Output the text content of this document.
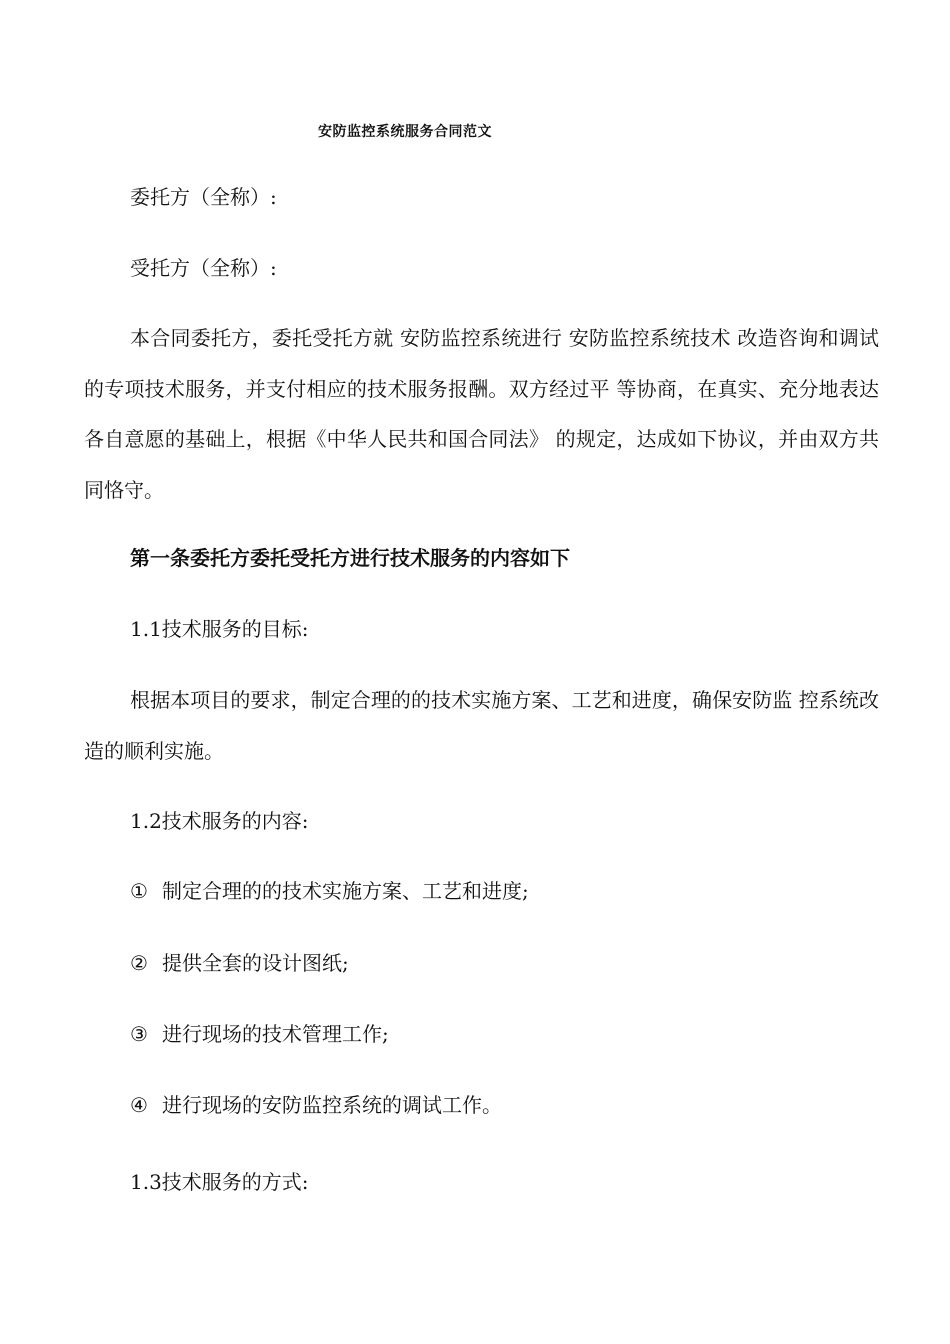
安防监控系统服务合同范文
委托方（全称）:
受托方（全称）:
本合同委托方，委托受托方就 安防监控系统进行 安防监控系统技术 改造咨询和调试 的专项技术服务，并支付相应的技术服务报酬。双方经过平 等协商，在真实、充分地表达各自意愿的基础上，根据《中华人民共和国合同法》 的规定，达成如下协议，并由双方共同恪守。
第一条委托方委托受托方进行技术服务的内容如下
1.1技术服务的目标:
根据本项目的要求，制定合理的的技术实施方案、工艺和进度，确保安防监 控系统改造的顺利实施。
1.2技术服务的内容:
① 制定合理的的技术实施方案、工艺和进度;
② 提供全套的设计图纸;
③ 进行现场的技术管理工作;
④ 进行现场的安防监控系统的调试工作。
1.3技术服务的方式:
